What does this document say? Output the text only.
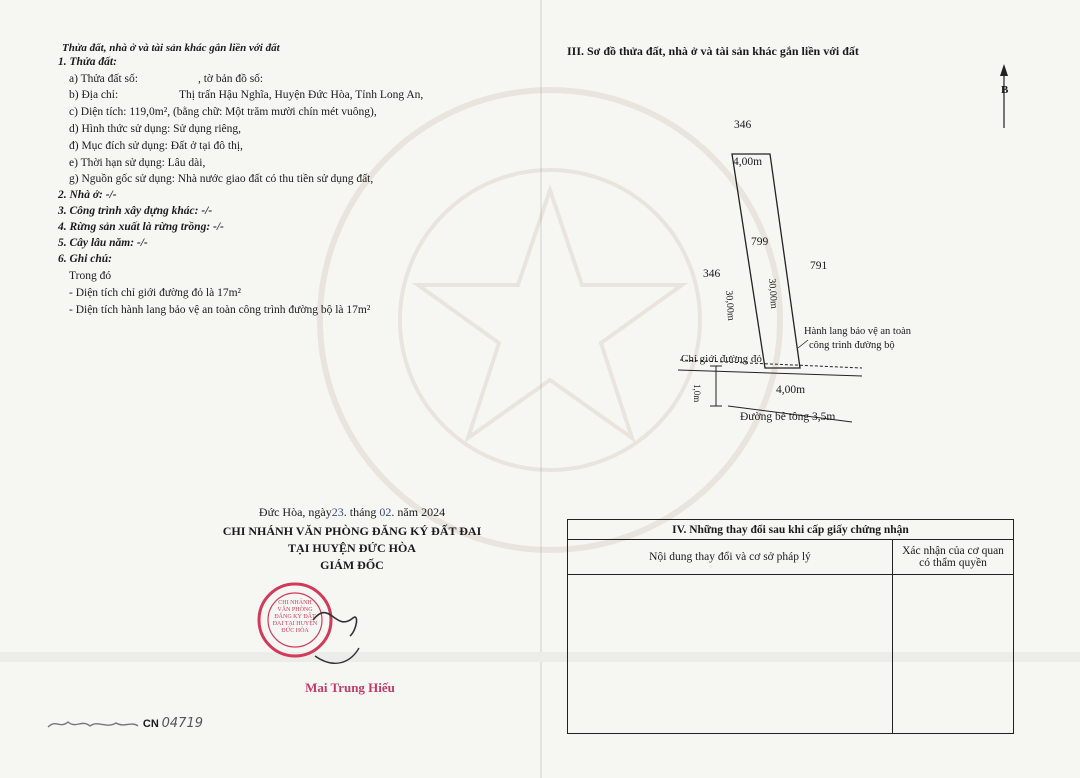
Thửa đất, nhà ở và tài sản khác gắn liền với đất
1. Thửa đất:
a) Thửa đất số:	, tờ bản đồ số:
b) Địa chỉ:	Thị trấn Hậu Nghĩa, Huyện Đức Hòa, Tỉnh Long An,
c) Diện tích: 119,0m², (bằng chữ: Một trăm mười chín mét vuông),
d) Hình thức sử dụng: Sử dụng riêng,
đ) Mục đích sử dụng: Đất ở tại đô thị,
e) Thời hạn sử dụng: Lâu dài,
g) Nguồn gốc sử dụng: Nhà nước giao đất có thu tiền sử dụng đất,
2. Nhà ở: -/-
3. Công trình xây dựng khác: -/-
4. Rừng sản xuất là rừng trồng: -/-
5. Cây lâu năm: -/-
6. Ghi chú:
Trong đó
- Diện tích chỉ giới đường đỏ là 17m²
- Diện tích hành lang bảo vệ an toàn công trình đường bộ là 17m²
Đức Hòa, ngày23. tháng 02. năm 2024
CHI NHÁNH VĂN PHÒNG ĐĂNG KÝ ĐẤT ĐAI
TẠI HUYỆN ĐỨC HÒA
GIÁM ĐỐC
CHI NHÁNH VĂN PHÒNG ĐĂNG KÝ ĐẤT ĐAI TẠI HUYỆN ĐỨC HÒA
Mai Trung Hiếu
CN 04719
III. Sơ đồ thửa đất, nhà ở và tài sản khác gắn liền với đất
B
346
4,00m
799
346
791
30,00m	30,00m
Hành lang bảo vệ an toàn
công trình đường bộ
Chỉ giới đường đỏ
1,0m	4,00m
Đường bê tông 3,5m
IV. Những thay đổi sau khi cấp giấy chứng nhận	
Nội dung thay đổi và cơ sở pháp lý	Xác nhận của cơ quan
có thẩm quyền
